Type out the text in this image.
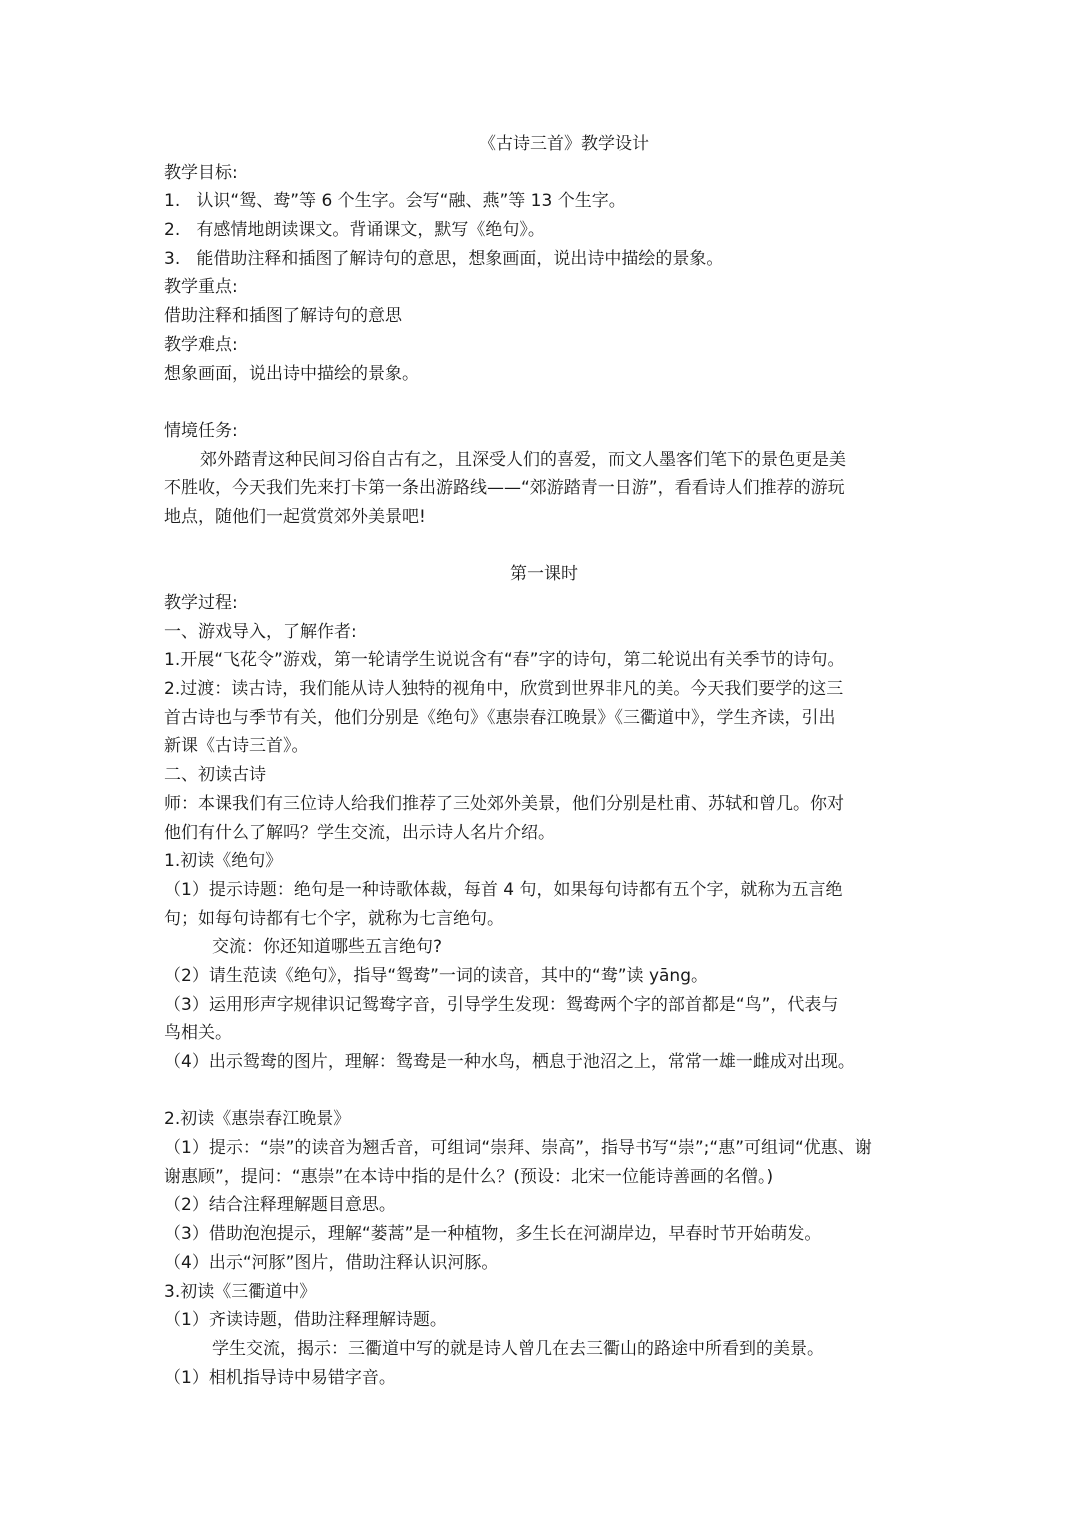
《古诗三首》教学设计
教学目标:
1.   认识“鸳、鸯”等 6 个生字。会写“融、燕”等 13 个生字。
2.   有感情地朗读课文。背诵课文，默写《绝句》。
3.   能借助注释和插图了解诗句的意思，想象画面，说出诗中描绘的景象。
教学重点:
借助注释和插图了解诗句的意思
教学难点:
想象画面，说出诗中描绘的景象。
情境任务:
郊外踏青这种民间习俗自古有之，且深受人们的喜爱，而文人墨客们笔下的景色更是美
不胜收，今天我们先来打卡第一条出游路线——“郊游踏青一日游”，看看诗人们推荐的游玩
地点，随他们一起赏赏郊外美景吧!
第一课时
教学过程:
一、游戏导入，了解作者:
1.开展“飞花令”游戏，第一轮请学生说说含有“春”字的诗句，第二轮说出有关季节的诗句。
2.过渡：读古诗，我们能从诗人独特的视角中，欣赏到世界非凡的美。今天我们要学的这三
首古诗也与季节有关，他们分别是《绝句》《惠崇春江晚景》《三衢道中》，学生齐读，引出
新课《古诗三首》。
二、初读古诗
师：本课我们有三位诗人给我们推荐了三处郊外美景，他们分别是杜甫、苏轼和曾几。你对
他们有什么了解吗？学生交流，出示诗人名片介绍。
1.初读《绝句》
（1）提示诗题：绝句是一种诗歌体裁，每首 4 句，如果每句诗都有五个字，就称为五言绝
句；如每句诗都有七个字，就称为七言绝句。
交流：你还知道哪些五言绝句?
（2）请生范读《绝句》，指导“鸳鸯”一词的读音，其中的“鸯”读 yāng。
（3）运用形声字规律识记鸳鸯字音，引导学生发现：鸳鸯两个字的部首都是“鸟”，代表与
鸟相关。
（4）出示鸳鸯的图片，理解：鸳鸯是一种水鸟，栖息于池沼之上，常常一雄一雌成对出现。
2.初读《惠崇春江晚景》
（1）提示：“崇”的读音为翘舌音，可组词“崇拜、崇高”，指导书写“崇”;“惠”可组词“优惠、谢
谢惠顾”，提问：“惠崇”在本诗中指的是什么？(预设：北宋一位能诗善画的名僧。)
（2）结合注释理解题目意思。
（3）借助泡泡提示，理解“蒌蒿”是一种植物，多生长在河湖岸边，早春时节开始萌发。
（4）出示“河豚”图片，借助注释认识河豚。
3.初读《三衢道中》
（1）齐读诗题，借助注释理解诗题。
学生交流，揭示：三衢道中写的就是诗人曾几在去三衢山的路途中所看到的美景。
（1）相机指导诗中易错字音。
